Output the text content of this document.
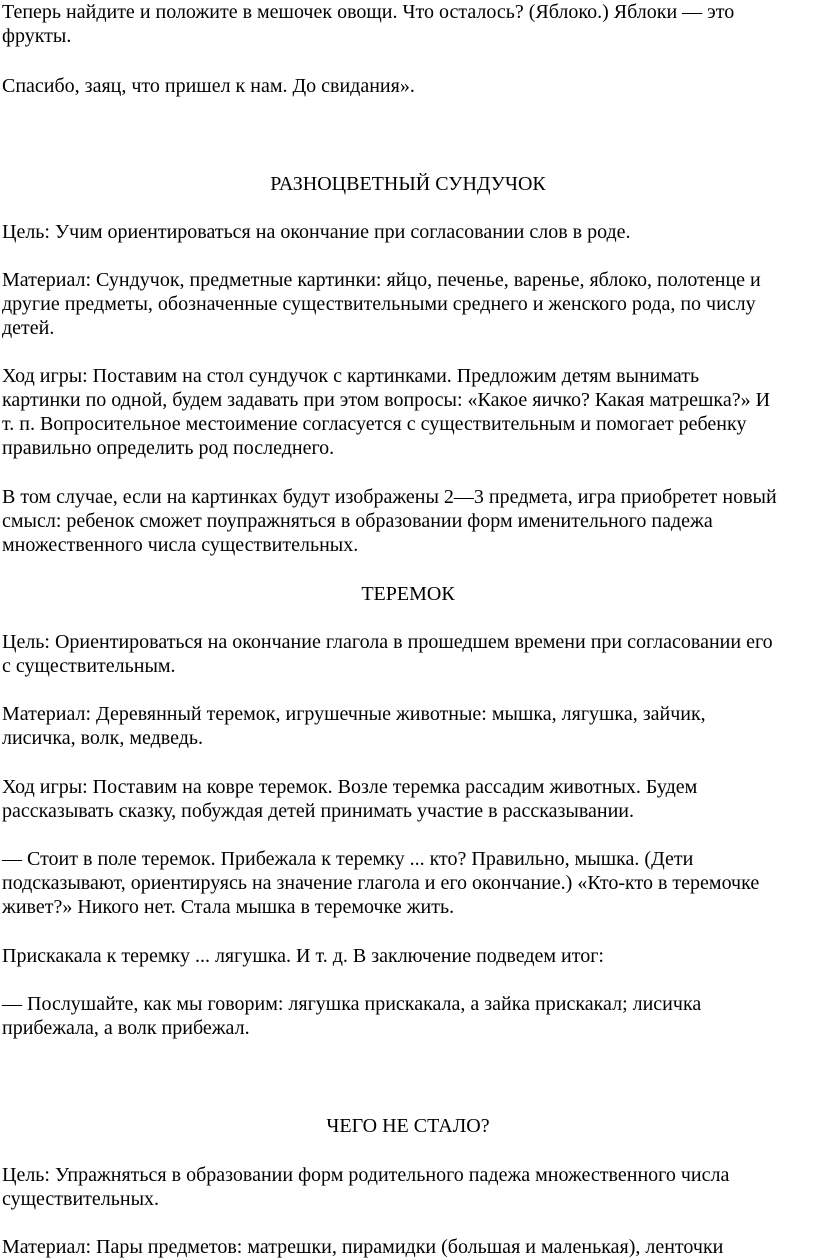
Теперь найдите и положите в мешочек овощи. Что осталось? (Яблоко.) Яблоки — это
фрукты.

Спасибо, заяц, что пришел к нам. До свидания».

РАЗНОЦВЕТНЫЙ СУНДУЧОК

Цель: Учим ориентироваться на окончание при согласовании слов в роде.

Материал: Сундучок, предметные картинки: яйцо, печенье, варенье, яблоко, полотенце и
другие предметы, обозначенные существительными среднего и женского рода, по числу
детей.

Ход игры: Поставим на стол сундучок с картинками. Предложим детям вынимать
картинки по одной, будем задавать при этом вопросы: «Какое яичко? Какая матрешка?» И
т. п. Вопросительное местоимение согласуется с существительным и помогает ребенку
правильно определить род последнего.

В том случае, если на картинках будут изображены 2—3 предмета, игра приобретет новый
смысл: ребенок сможет поупражняться в образовании форм именительного падежа
множественного числа существительных.

ТЕРЕМОК

Цель: Ориентироваться на окончание глагола в прошедшем времени при согласовании его
с существительным.

Материал: Деревянный теремок, игрушечные животные: мышка, лягушка, зайчик,
лисичка, волк, медведь.

Ход игры: Поставим на ковре теремок. Возле теремка рассадим животных. Будем
рассказывать сказку, побуждая детей принимать участие в рассказывании.

— Стоит в поле теремок. Прибежала к теремку ... кто? Правильно, мышка. (Дети
подсказывают, ориентируясь на значение глагола и его окончание.) «Кто-кто в теремочке
живет?» Никого нет. Стала мышка в теремочке жить.

Прискакала к теремку ... лягушка. И т. д. В заключение подведем итог:

— Послушайте, как мы говорим: лягушка прискакала, а зайка прискакал; лисичка
прибежала, а волк прибежал.

ЧЕГО НЕ СТАЛО?

Цель: Упражняться в образовании форм родительного падежа множественного числа
существительных.

Материал: Пары предметов: матрешки, пирамидки (большая и маленькая), ленточки
